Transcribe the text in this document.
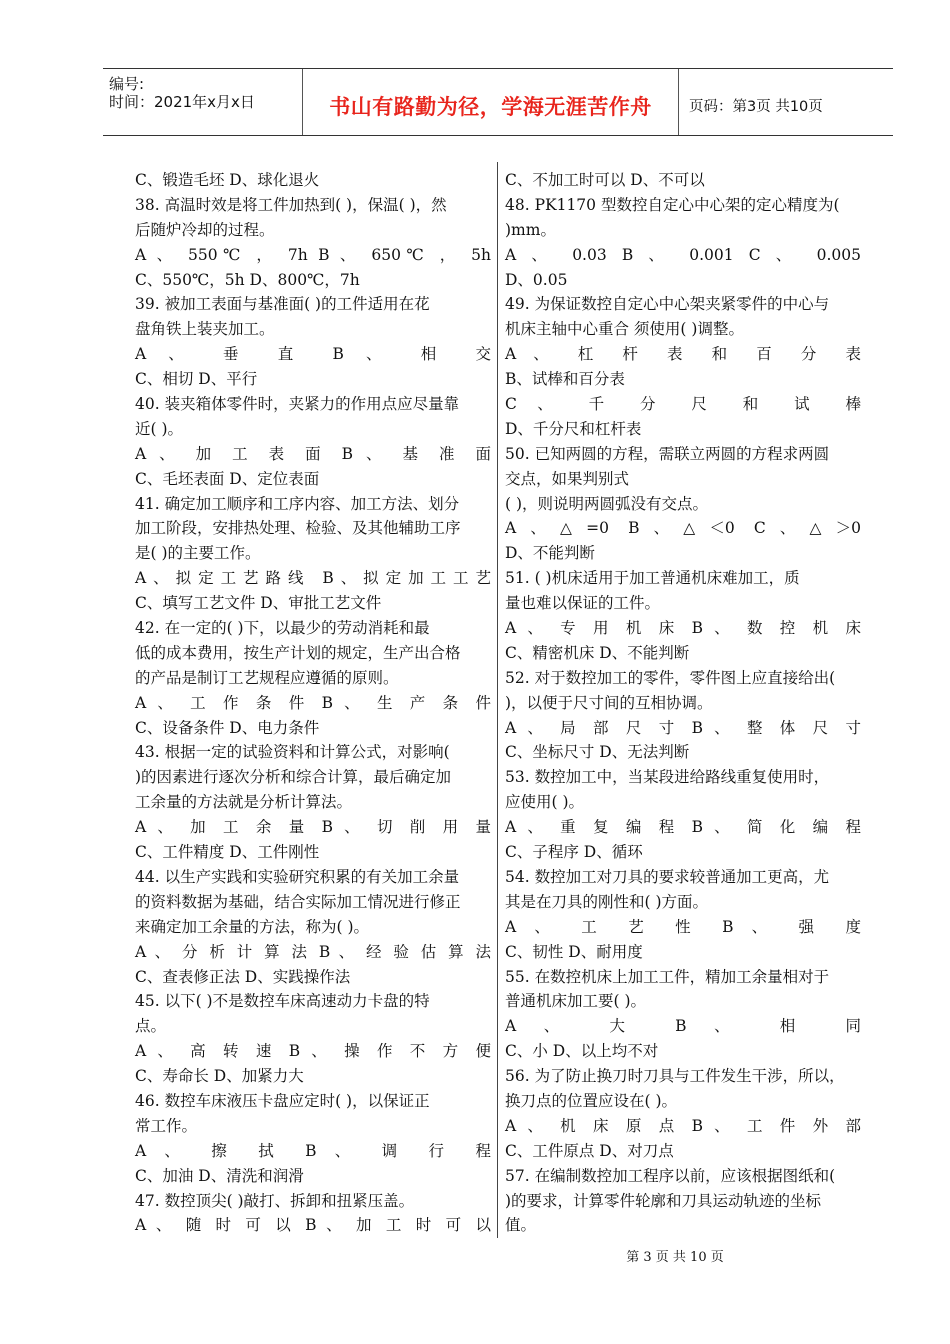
编号:
时间：2021年x月x日	书山有路勤为径，学海无涯苦作舟	页码：第3页 共10页
C、锻造毛坯 D、球化退火
38. 高温时效是将工件加热到( )，保温( )，然
后随炉冷却的过程。
A 、 550℃ ， 7h B 、 650℃ ， 5h
C、550℃，5h D、800℃，7h
39. 被加工表面与基准面( )的工件适用在花
盘角铁上装夹加工。
A 、 垂 直 B 、 相 交
C、相切 D、平行
40. 装夹箱体零件时，夹紧力的作用点应尽量靠
近( )。
A 、 加 工 表 面 B 、 基 准 面
C、毛坯表面 D、定位表面
41. 确定加工顺序和工序内容、加工方法、划分
加工阶段，安排热处理、检验、及其他辅助工序
是( )的主要工作。
A、拟定工艺路线 B、拟定加工工艺
C、填写工艺文件 D、审批工艺文件
42. 在一定的( )下，以最少的劳动消耗和最
低的成本费用，按生产计划的规定，生产出合格
的产品是制订工艺规程应遵循的原则。
A 、 工 作 条 件 B 、 生 产 条 件
C、设备条件 D、电力条件
43. 根据一定的试验资料和计算公式，对影响(
)的因素进行逐次分析和综合计算，最后确定加
工余量的方法就是分析计算法。
A 、 加 工 余 量 B 、 切 削 用 量
C、工件精度 D、工件刚性
44. 以生产实践和实验研究积累的有关加工余量
的资料数据为基础，结合实际加工情况进行修正
来确定加工余量的方法，称为( )。
A 、 分 析 计 算 法 B 、 经 验 估 算 法
C、查表修正法 D、实践操作法
45. 以下( )不是数控车床高速动力卡盘的特
点。
A 、 高 转 速 B 、 操 作 不 方 便
C、寿命长 D、加紧力大
46. 数控车床液压卡盘应定时( )，以保证正
常工作。
A 、 擦 拭 B 、 调 行 程
C、加油 D、清洗和润滑
47. 数控顶尖( )敲打、拆卸和扭紧压盖。
A 、 随 时 可 以 B 、 加 工 时 可 以
C、不加工时可以 D、不可以
48. PK1170 型数控自定心中心架的定心精度为(
)mm。
A 、 0.03 B 、 0.001 C 、 0.005
D、0.05
49. 为保证数控自定心中心架夹紧零件的中心与
机床主轴中心重合 须使用( )调整。
A 、 杠 杆 表 和 百 分 表
B、试棒和百分表
C 、 千 分 尺 和 试 棒
D、千分尺和杠杆表
50. 已知两圆的方程，需联立两圆的方程求两圆
交点，如果判别式
( )，则说明两圆弧没有交点。
A、△=0 B、△＜0 C、△＞0
D、不能判断
51. ( )机床适用于加工普通机床难加工，质
量也难以保证的工件。
A 、 专 用 机 床 B 、 数 控 机 床
C、精密机床 D、不能判断
52. 对于数控加工的零件，零件图上应直接给出(
)，以便于尺寸间的互相协调。
A 、 局 部 尺 寸 B 、 整 体 尺 寸
C、坐标尺寸 D、无法判断
53. 数控加工中，当某段进给路线重复使用时，
应使用( )。
A 、 重 复 编 程 B 、 简 化 编 程
C、子程序 D、循环
54. 数控加工对刀具的要求较普通加工更高，尤
其是在刀具的刚性和( )方面。
A 、 工 艺 性 B 、 强 度
C、韧性 D、耐用度
55. 在数控机床上加工工件，精加工余量相对于
普通机床加工要( )。
A 、 大 B 、 相 同
C、小 D、以上均不对
56. 为了防止换刀时刀具与工件发生干涉，所以，
换刀点的位置应设在( )。
A 、 机 床 原 点 B 、 工 件 外 部
C、工件原点 D、对刀点
57. 在编制数控加工程序以前，应该根据图纸和(
)的要求，计算零件轮廓和刀具运动轨迹的坐标
值。
第 3 页 共 10 页
